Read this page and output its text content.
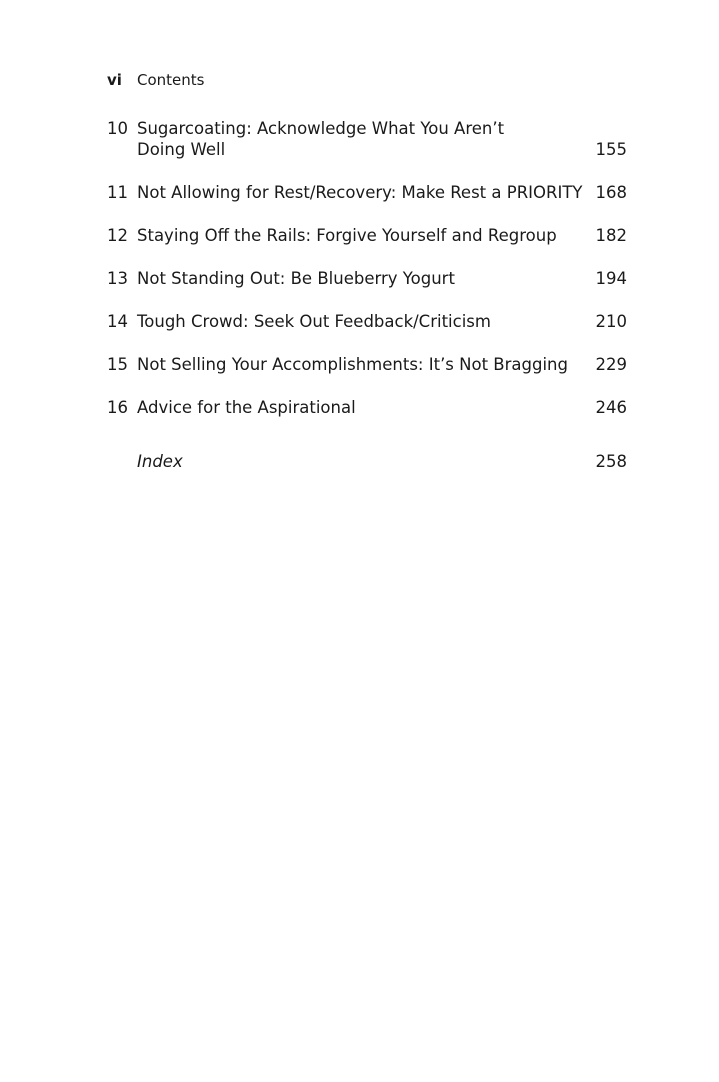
vi Contents
10 Sugarcoating: Acknowledge What You Aren’t
Doing Well	155
11 Not Allowing for Rest/Recovery: Make Rest a PRIORITY 168
12 Staying Off the Rails: Forgive Yourself and Regroup	182
13 Not Standing Out: Be Blueberry Yogurt	194
14 Tough Crowd: Seek Out Feedback/Criticism	210
15 Not Selling Your Accomplishments: It’s Not Bragging 229
16 Advice for the Aspirational	246
Index	258
